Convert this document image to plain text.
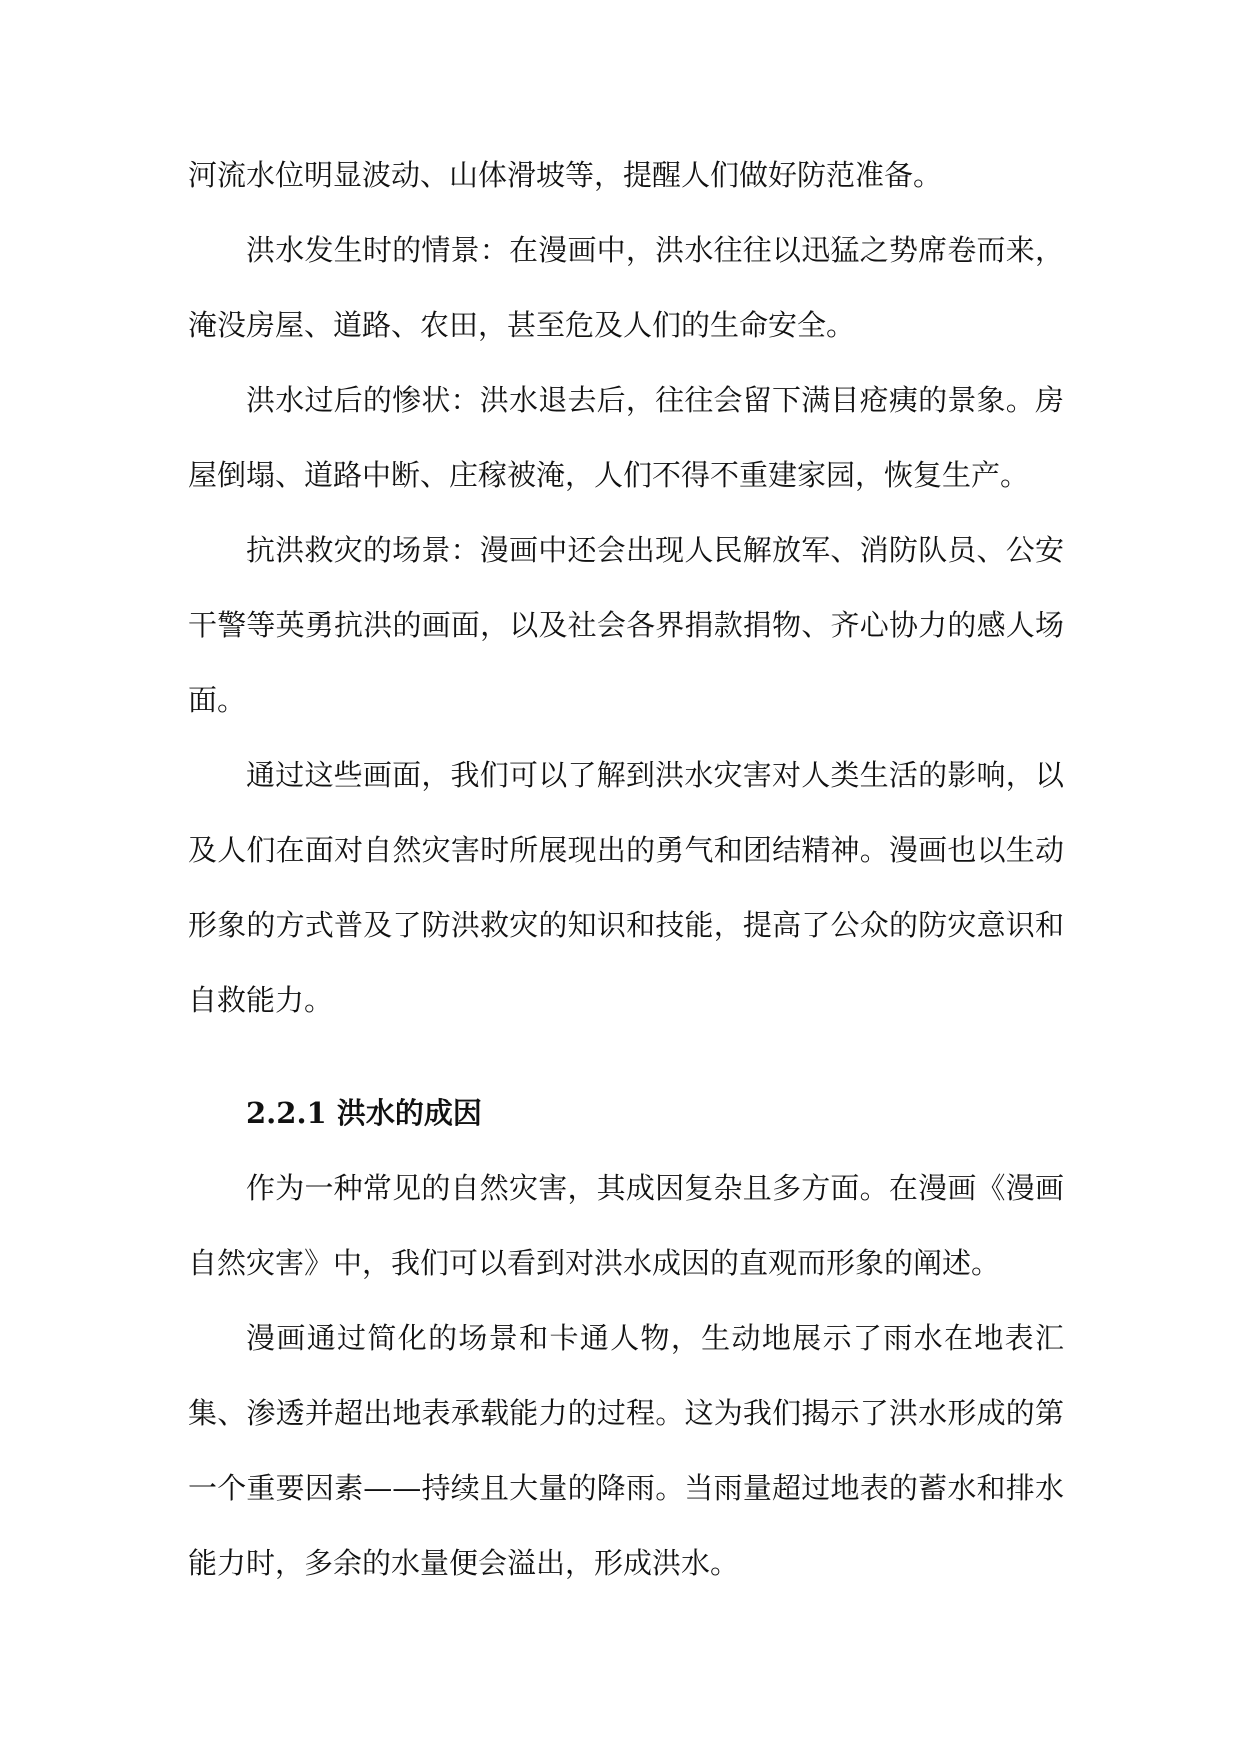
河流水位明显波动、山体滑坡等，提醒人们做好防范准备。

洪水发生时的情景：在漫画中，洪水往往以迅猛之势席卷而来，淹没房屋、道路、农田，甚至危及人们的生命安全。

洪水过后的惨状：洪水退去后，往往会留下满目疮痍的景象。房屋倒塌、道路中断、庄稼被淹，人们不得不重建家园，恢复生产。

抗洪救灾的场景：漫画中还会出现人民解放军、消防队员、公安干警等英勇抗洪的画面，以及社会各界捐款捐物、齐心协力的感人场面。

通过这些画面，我们可以了解到洪水灾害对人类生活的影响，以及人们在面对自然灾害时所展现出的勇气和团结精神。漫画也以生动形象的方式普及了防洪救灾的知识和技能，提高了公众的防灾意识和自救能力。

2.2.1 洪水的成因

作为一种常见的自然灾害，其成因复杂且多方面。在漫画《漫画自然灾害》中，我们可以看到对洪水成因的直观而形象的阐述。

漫画通过简化的场景和卡通人物，生动地展示了雨水在地表汇集、渗透并超出地表承载能力的过程。这为我们揭示了洪水形成的第一个重要因素——持续且大量的降雨。当雨量超过地表的蓄水和排水能力时，多余的水量便会溢出，形成洪水。
